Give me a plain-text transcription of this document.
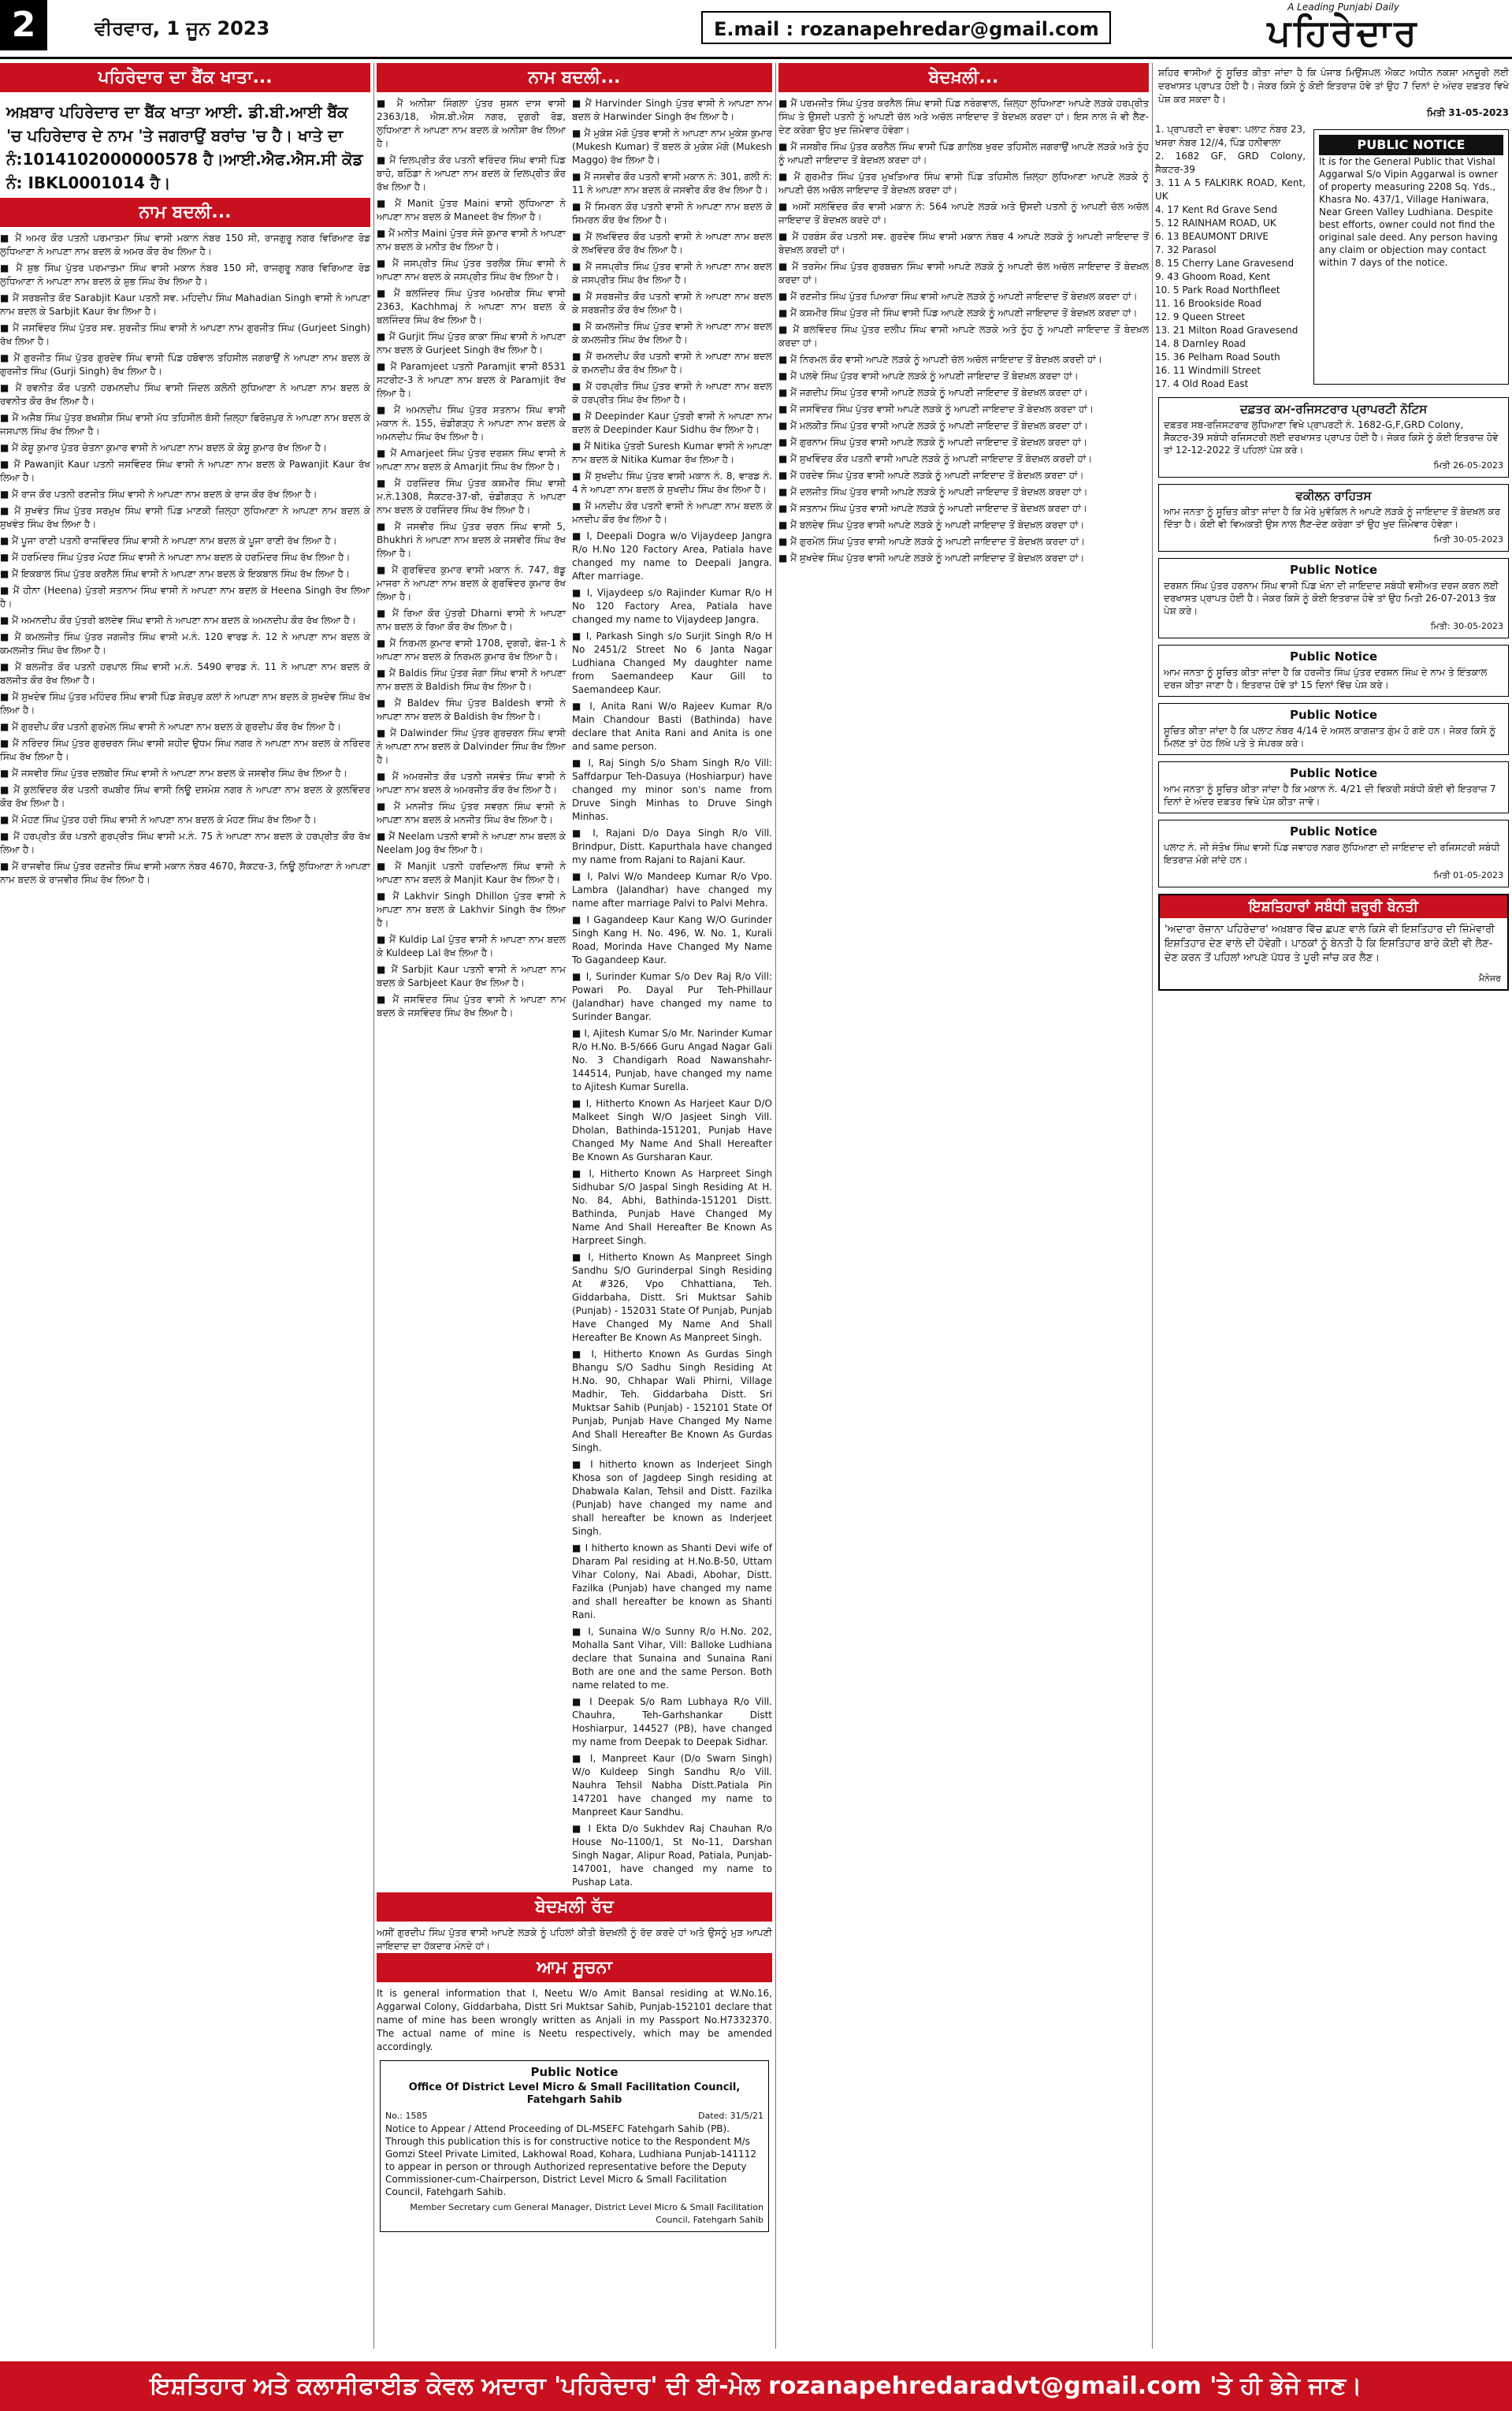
2	ਵੀਰਵਾਰ, 1 ਜੂਨ 2023	E.mail : rozanapehredar@gmail.com
A Leading Punjabi Daily
ਪਹਿਰੇਦਾਰ
ਪਹਿਰੇਦਾਰ ਦਾ ਬੈਂਕ ਖਾਤਾ...
ਅਖ਼ਬਾਰ ਪਹਿਰੇਦਾਰ ਦਾ ਬੈਂਕ ਖਾਤਾ ਆਈ. ਡੀ.ਬੀ.ਆਈ ਬੈਂਕ 'ਚ ਪਹਿਰੇਦਾਰ ਦੇ ਨਾਮ 'ਤੇ ਜਗਰਾਉਂ ਬਰਾਂਚ 'ਚ ਹੈ। ਖਾਤੇ ਦਾ ਨੰ:1014102000000578 ਹੈ।ਆਈ.ਐਫ.ਐਸ.ਸੀ ਕੋਡ ਨੰ: IBKL0001014 ਹੈ।
ਨਾਮ ਬਦਲੀ...
■ ਮੈਂ ਅਮਰ ਕੌਰ ਪਤਨੀ ਪਰਮਾਤਮਾ ਸਿੰਘ ਵਾਸੀ ਮਕਾਨ ਨੰਬਰ 150 ਸੀ, ਰਾਜਗੁਰੂ ਨਗਰ ਵਿਰਿਆਣ ਰੋਡ ਲੁਧਿਆਣਾ ਨੇ ਆਪਣਾ ਨਾਮ ਬਦਲ ਕੇ ਅਮਰ ਕੌਰ ਰੱਖ ਲਿਆ ਹੈ।
■ ਮੈਂ ਸ਼ੁਭ ਸਿੰਘ ਪੁੱਤਰ ਪਰਮਾਤਮਾ ਸਿੰਘ ਵਾਸੀ ਮਕਾਨ ਨੰਬਰ 150 ਸੀ, ਰਾਜਗੁਰੂ ਨਗਰ ਵਿਰਿਆਣ ਰੋਡ ਲੁਧਿਆਣਾ ਨੇ ਆਪਣਾ ਨਾਮ ਬਦਲ ਕੇ ਸ਼ੁਭ ਸਿੰਘ ਰੱਖ ਲਿਆ ਹੈ।
■ ਮੈਂ ਸਰਬਜੀਤ ਕੌਰ Sarabjit Kaur ਪਤਨੀ ਸਵ. ਮਹਿਦੀਪ ਸਿੰਘ Mahadian Singh ਵਾਸੀ ਨੇ ਆਪਣਾ ਨਾਮ ਬਦਲ ਕੇ Sarbjit Kaur ਰੱਖ ਲਿਆ ਹੈ।
■ ਮੈਂ ਜਸਵਿੰਦਰ ਸਿੰਘ ਪੁੱਤਰ ਸਵ. ਸੁਰਜੀਤ ਸਿੰਘ ਵਾਸੀ ਨੇ ਆਪਣਾ ਨਾਮ ਗੁਰਜੀਤ ਸਿੰਘ (Gurjeet Singh) ਰੱਖ ਲਿਆ ਹੈ।
■ ਮੈਂ ਗੁਰਜੀਤ ਸਿੰਘ ਪੁੱਤਰ ਗੁਰਦੇਵ ਸਿੰਘ ਵਾਸੀ ਪਿੰਡ ਹਬੋਵਾਲ ਤਹਿਸੀਲ ਜਗਰਾਉਂ ਨੇ ਆਪਣਾ ਨਾਮ ਬਦਲ ਕੇ ਗੁਰਜੀਤ ਸਿੰਘ (Gurji Singh) ਰੱਖ ਲਿਆ ਹੈ।
■ ਮੈਂ ਰਵਨੀਤ ਕੌਰ ਪਤਨੀ ਹਰਮਨਦੀਪ ਸਿੰਘ ਵਾਸੀ ਜਿੰਦਲ ਕਲੋਨੀ ਲੁਧਿਆਣਾ ਨੇ ਆਪਣਾ ਨਾਮ ਬਦਲ ਕੇ ਰਵਨੀਤ ਕੌਰ ਰੱਖ ਲਿਆ ਹੈ।
■ ਮੈਂ ਅਜੈਬ ਸਿੰਘ ਪੁੱਤਰ ਬਖਸ਼ੀਸ਼ ਸਿੰਘ ਵਾਸੀ ਮੱਧ ਤਹਿਸੀਲ ਬੱਸੀ ਜ਼ਿਲ੍ਹਾ ਫਿਰੋਜ਼ਪੁਰ ਨੇ ਆਪਣਾ ਨਾਮ ਬਦਲ ਕੇ ਜਸਪਾਲ ਸਿੰਘ ਰੱਖ ਲਿਆ ਹੈ।
■ ਮੈਂ ਕੇਸ਼ੂ ਕੁਮਾਰ ਪੁੱਤਰ ਚੇਤਨਾ ਕੁਮਾਰ ਵਾਸੀ ਨੇ ਆਪਣਾ ਨਾਮ ਬਦਲ ਕੇ ਕੇਸ਼ੂ ਕੁਮਾਰ ਰੱਖ ਲਿਆ ਹੈ।
■ ਮੈਂ Pawanjit Kaur ਪਤਨੀ ਜਸਵਿੰਦਰ ਸਿੰਘ ਵਾਸੀ ਨੇ ਆਪਣਾ ਨਾਮ ਬਦਲ ਕੇ Pawanjit Kaur ਰੱਖ ਲਿਆ ਹੈ।
■ ਮੈਂ ਰਾਜ ਕੌਰ ਪਤਨੀ ਰਣਜੀਤ ਸਿੰਘ ਵਾਸੀ ਨੇ ਆਪਣਾ ਨਾਮ ਬਦਲ ਕੇ ਰਾਜ ਕੌਰ ਰੱਖ ਲਿਆ ਹੈ।
■ ਮੈਂ ਸੁਖਵੰਤ ਸਿੰਘ ਪੁੱਤਰ ਸਰਮੁਖ ਸਿੰਘ ਵਾਸੀ ਪਿੰਡ ਮਾਣਕੀ ਜ਼ਿਲ੍ਹਾ ਲੁਧਿਆਣਾ ਨੇ ਆਪਣਾ ਨਾਮ ਬਦਲ ਕੇ ਸੁਖਵੰਤ ਸਿੰਘ ਰੱਖ ਲਿਆ ਹੈ।
■ ਮੈਂ ਪੂਜਾ ਰਾਣੀ ਪਤਨੀ ਰਾਜਵਿੰਦਰ ਸਿੰਘ ਵਾਸੀ ਨੇ ਆਪਣਾ ਨਾਮ ਬਦਲ ਕੇ ਪੂਜਾ ਰਾਣੀ ਰੱਖ ਲਿਆ ਹੈ।
■ ਮੈਂ ਹਰਮਿੰਦਰ ਸਿੰਘ ਪੁੱਤਰ ਮੋਹਣ ਸਿੰਘ ਵਾਸੀ ਨੇ ਆਪਣਾ ਨਾਮ ਬਦਲ ਕੇ ਹਰਮਿੰਦਰ ਸਿੰਘ ਰੱਖ ਲਿਆ ਹੈ।
■ ਮੈਂ ਇਕਬਾਲ ਸਿੰਘ ਪੁੱਤਰ ਕਰਨੈਲ ਸਿੰਘ ਵਾਸੀ ਨੇ ਆਪਣਾ ਨਾਮ ਬਦਲ ਕੇ ਇਕਬਾਲ ਸਿੰਘ ਰੱਖ ਲਿਆ ਹੈ।
■ ਮੈਂ ਹੀਨਾ (Heena) ਪੁੱਤਰੀ ਸਤਨਾਮ ਸਿੰਘ ਵਾਸੀ ਨੇ ਆਪਣਾ ਨਾਮ ਬਦਲ ਕੇ Heena Singh ਰੱਖ ਲਿਆ ਹੈ।
■ ਮੈਂ ਅਮਨਦੀਪ ਕੌਰ ਪੁੱਤਰੀ ਬਲਦੇਵ ਸਿੰਘ ਵਾਸੀ ਨੇ ਆਪਣਾ ਨਾਮ ਬਦਲ ਕੇ ਅਮਨਦੀਪ ਕੌਰ ਰੱਖ ਲਿਆ ਹੈ।
■ ਮੈਂ ਕਮਲਜੀਤ ਸਿੰਘ ਪੁੱਤਰ ਜਗਜੀਤ ਸਿੰਘ ਵਾਸੀ ਮ.ਨੰ. 120 ਵਾਰਡ ਨੰ. 12 ਨੇ ਆਪਣਾ ਨਾਮ ਬਦਲ ਕੇ ਕਮਲਜੀਤ ਸਿੰਘ ਰੱਖ ਲਿਆ ਹੈ।
■ ਮੈਂ ਬਲਜੀਤ ਕੌਰ ਪਤਨੀ ਹਰਪਾਲ ਸਿੰਘ ਵਾਸੀ ਮ.ਨੰ. 5490 ਵਾਰਡ ਨੰ. 11 ਨੇ ਆਪਣਾ ਨਾਮ ਬਦਲ ਕੇ ਬਲਜੀਤ ਕੌਰ ਰੱਖ ਲਿਆ ਹੈ।
■ ਮੈਂ ਸੁਖਦੇਵ ਸਿੰਘ ਪੁੱਤਰ ਮਹਿੰਦਰ ਸਿੰਘ ਵਾਸੀ ਪਿੰਡ ਸ਼ੇਰਪੁਰ ਕਲਾਂ ਨੇ ਆਪਣਾ ਨਾਮ ਬਦਲ ਕੇ ਸੁਖਦੇਵ ਸਿੰਘ ਰੱਖ ਲਿਆ ਹੈ।
■ ਮੈਂ ਗੁਰਦੀਪ ਕੌਰ ਪਤਨੀ ਗੁਰਮੇਲ ਸਿੰਘ ਵਾਸੀ ਨੇ ਆਪਣਾ ਨਾਮ ਬਦਲ ਕੇ ਗੁਰਦੀਪ ਕੌਰ ਰੱਖ ਲਿਆ ਹੈ।
■ ਮੈਂ ਨਰਿੰਦਰ ਸਿੰਘ ਪੁੱਤਰ ਗੁਰਚਰਨ ਸਿੰਘ ਵਾਸੀ ਸ਼ਹੀਦ ਉਧਮ ਸਿੰਘ ਨਗਰ ਨੇ ਆਪਣਾ ਨਾਮ ਬਦਲ ਕੇ ਨਰਿੰਦਰ ਸਿੰਘ ਰੱਖ ਲਿਆ ਹੈ।
■ ਮੈਂ ਜਸਵੀਰ ਸਿੰਘ ਪੁੱਤਰ ਦਲਬੀਰ ਸਿੰਘ ਵਾਸੀ ਨੇ ਆਪਣਾ ਨਾਮ ਬਦਲ ਕੇ ਜਸਵੀਰ ਸਿੰਘ ਰੱਖ ਲਿਆ ਹੈ।
■ ਮੈਂ ਕੁਲਵਿੰਦਰ ਕੌਰ ਪਤਨੀ ਰਘਬੀਰ ਸਿੰਘ ਵਾਸੀ ਨਿਊ ਦਸਮੇਸ਼ ਨਗਰ ਨੇ ਆਪਣਾ ਨਾਮ ਬਦਲ ਕੇ ਕੁਲਵਿੰਦਰ ਕੌਰ ਰੱਖ ਲਿਆ ਹੈ।
■ ਮੈਂ ਮੋਹਣ ਸਿੰਘ ਪੁੱਤਰ ਹਰੀ ਸਿੰਘ ਵਾਸੀ ਨੇ ਆਪਣਾ ਨਾਮ ਬਦਲ ਕੇ ਮੋਹਣ ਸਿੰਘ ਰੱਖ ਲਿਆ ਹੈ।
■ ਮੈਂ ਹਰਪ੍ਰੀਤ ਕੌਰ ਪਤਨੀ ਗੁਰਪ੍ਰੀਤ ਸਿੰਘ ਵਾਸੀ ਮ.ਨੰ. 75 ਨੇ ਆਪਣਾ ਨਾਮ ਬਦਲ ਕੇ ਹਰਪ੍ਰੀਤ ਕੌਰ ਰੱਖ ਲਿਆ ਹੈ।
■ ਮੈਂ ਰਾਜਵੀਰ ਸਿੰਘ ਪੁੱਤਰ ਰਣਜੀਤ ਸਿੰਘ ਵਾਸੀ ਮਕਾਨ ਨੰਬਰ 4670, ਸੈਕਟਰ-3, ਨਿਊ ਲੁਧਿਆਣਾ ਨੇ ਆਪਣਾ ਨਾਮ ਬਦਲ ਕੇ ਰਾਜਵੀਰ ਸਿੰਘ ਰੱਖ ਲਿਆ ਹੈ।
ਨਾਮ ਬਦਲੀ...
■ ਮੈਂ ਅਨੀਸ਼ਾ ਸਿੰਗਲਾ ਪੁੱਤਰ ਸੁਸ਼ਨ ਦਾਸ ਵਾਸੀ 2363/18, ਐਸ.ਬੀ.ਐਸ ਨਗਰ, ਦੁਗਰੀ ਰੋਡ, ਲੁਧਿਆਣਾ ਨੇ ਆਪਣਾ ਨਾਮ ਬਦਲ ਕੇ ਅਨੀਸ਼ਾ ਰੱਖ ਲਿਆ ਹੈ।
■ ਮੈਂ ਦਿਲਪ੍ਰੀਤ ਕੌਰ ਪਤਨੀ ਵਰਿੰਦਰ ਸਿੰਘ ਵਾਸੀ ਪਿੰਡ ਬਾਹੋ, ਬਠਿੰਡਾ ਨੇ ਆਪਣਾ ਨਾਮ ਬਦਲ ਕੇ ਦਿਲਪ੍ਰੀਤ ਕੌਰ ਰੱਖ ਲਿਆ ਹੈ।
■ ਮੈਂ Manit ਪੁੱਤਰ Maini ਵਾਸੀ ਲੁਧਿਆਣਾ ਨੇ ਆਪਣਾ ਨਾਮ ਬਦਲ ਕੇ Maneet ਰੱਖ ਲਿਆ ਹੈ।
■ ਮੈਂ ਮਨੀਤ Maini ਪੁੱਤਰ ਸੰਜੇ ਕੁਮਾਰ ਵਾਸੀ ਨੇ ਆਪਣਾ ਨਾਮ ਬਦਲ ਕੇ ਮਨੀਤ ਰੱਖ ਲਿਆ ਹੈ।
■ ਮੈਂ ਜਸਪ੍ਰੀਤ ਸਿੰਘ ਪੁੱਤਰ ਤਰਲੋਕ ਸਿੰਘ ਵਾਸੀ ਨੇ ਆਪਣਾ ਨਾਮ ਬਦਲ ਕੇ ਜਸਪ੍ਰੀਤ ਸਿੰਘ ਰੱਖ ਲਿਆ ਹੈ।
■ ਮੈਂ ਬਲਜਿੰਦਰ ਸਿੰਘ ਪੁੱਤਰ ਅਮਰੀਕ ਸਿੰਘ ਵਾਸੀ 2363, Kachhmaj ਨੇ ਆਪਣਾ ਨਾਮ ਬਦਲ ਕੇ ਬਲਜਿੰਦਰ ਸਿੰਘ ਰੱਖ ਲਿਆ ਹੈ।
■ ਮੈਂ Gurjit ਸਿੰਘ ਪੁੱਤਰ ਕਾਕਾ ਸਿੰਘ ਵਾਸੀ ਨੇ ਆਪਣਾ ਨਾਮ ਬਦਲ ਕੇ Gurjeet Singh ਰੱਖ ਲਿਆ ਹੈ।
■ ਮੈਂ Paramjeet ਪਤਨੀ Paramjit ਵਾਸੀ 8531 ਸਟਰੀਟ-3 ਨੇ ਆਪਣਾ ਨਾਮ ਬਦਲ ਕੇ Paramjit ਰੱਖ ਲਿਆ ਹੈ।
■ ਮੈਂ ਅਮਨਦੀਪ ਸਿੰਘ ਪੁੱਤਰ ਸਤਨਾਮ ਸਿੰਘ ਵਾਸੀ ਮਕਾਨ ਨੰ. 155, ਚੰਡੀਗੜ੍ਹ ਨੇ ਆਪਣਾ ਨਾਮ ਬਦਲ ਕੇ ਅਮਨਦੀਪ ਸਿੰਘ ਰੱਖ ਲਿਆ ਹੈ।
■ ਮੈਂ Amarjeet ਸਿੰਘ ਪੁੱਤਰ ਦਰਸ਼ਨ ਸਿੰਘ ਵਾਸੀ ਨੇ ਆਪਣਾ ਨਾਮ ਬਦਲ ਕੇ Amarjit ਸਿੰਘ ਰੱਖ ਲਿਆ ਹੈ।
■ ਮੈਂ ਹਰਜਿੰਦਰ ਸਿੰਘ ਪੁੱਤਰ ਕਸ਼ਮੀਰ ਸਿੰਘ ਵਾਸੀ ਮ.ਨੰ.1308, ਸੈਕਟਰ-37-ਬੀ, ਚੰਡੀਗੜ੍ਹ ਨੇ ਆਪਣਾ ਨਾਮ ਬਦਲ ਕੇ ਹਰਜਿੰਦਰ ਸਿੰਘ ਰੱਖ ਲਿਆ ਹੈ।
■ ਮੈਂ ਜਸਵੀਰ ਸਿੰਘ ਪੁੱਤਰ ਚਰਨ ਸਿੰਘ ਵਾਸੀ 5, Bhukhri ਨੇ ਆਪਣਾ ਨਾਮ ਬਦਲ ਕੇ ਜਸਵੀਰ ਸਿੰਘ ਰੱਖ ਲਿਆ ਹੈ।
■ ਮੈਂ ਗੁਰਵਿੰਦਰ ਕੁਮਾਰ ਵਾਸੀ ਮਕਾਨ ਨੰ. 747, ਬੱਡੂ ਮਾਜਰਾ ਨੇ ਆਪਣਾ ਨਾਮ ਬਦਲ ਕੇ ਗੁਰਵਿੰਦਰ ਕੁਮਾਰ ਰੱਖ ਲਿਆ ਹੈ।
■ ਮੈਂ ਰਿਆ ਕੌਰ ਪੁੱਤਰੀ Dharni ਵਾਸੀ ਨੇ ਆਪਣਾ ਨਾਮ ਬਦਲ ਕੇ ਰਿਆ ਕੌਰ ਰੱਖ ਲਿਆ ਹੈ।
■ ਮੈਂ ਨਿਰਮਲ ਕੁਮਾਰ ਵਾਸੀ 1708, ਦੁਗਰੀ, ਫੇਜ਼-1 ਨੇ ਆਪਣਾ ਨਾਮ ਬਦਲ ਕੇ ਨਿਰਮਲ ਕੁਮਾਰ ਰੱਖ ਲਿਆ ਹੈ।
■ ਮੈਂ Baldis ਸਿੰਘ ਪੁੱਤਰ ਜੋਗਾ ਸਿੰਘ ਵਾਸੀ ਨੇ ਆਪਣਾ ਨਾਮ ਬਦਲ ਕੇ Baldish ਸਿੰਘ ਰੱਖ ਲਿਆ ਹੈ।
■ ਮੈਂ Baldev ਸਿੰਘ ਪੁੱਤਰ Baldesh ਵਾਸੀ ਨੇ ਆਪਣਾ ਨਾਮ ਬਦਲ ਕੇ Baldish ਰੱਖ ਲਿਆ ਹੈ।
■ ਮੈਂ Dalwinder ਸਿੰਘ ਪੁੱਤਰ ਗੁਰਚਰਨ ਸਿੰਘ ਵਾਸੀ ਨੇ ਆਪਣਾ ਨਾਮ ਬਦਲ ਕੇ Dalvinder ਸਿੰਘ ਰੱਖ ਲਿਆ ਹੈ।
■ ਮੈਂ ਅਮਰਜੀਤ ਕੌਰ ਪਤਨੀ ਜਸਵੰਤ ਸਿੰਘ ਵਾਸੀ ਨੇ ਆਪਣਾ ਨਾਮ ਬਦਲ ਕੇ ਅਮਰਜੀਤ ਕੌਰ ਰੱਖ ਲਿਆ ਹੈ।
■ ਮੈਂ ਮਨਜੀਤ ਸਿੰਘ ਪੁੱਤਰ ਸਵਰਨ ਸਿੰਘ ਵਾਸੀ ਨੇ ਆਪਣਾ ਨਾਮ ਬਦਲ ਕੇ ਮਨਜੀਤ ਸਿੰਘ ਰੱਖ ਲਿਆ ਹੈ।
■ ਮੈਂ Neelam ਪਤਨੀ ਵਾਸੀ ਨੇ ਆਪਣਾ ਨਾਮ ਬਦਲ ਕੇ Neelam Jog ਰੱਖ ਲਿਆ ਹੈ।
■ ਮੈਂ Manjit ਪਤਨੀ ਹਰਦਿਆਲ ਸਿੰਘ ਵਾਸੀ ਨੇ ਆਪਣਾ ਨਾਮ ਬਦਲ ਕੇ Manjit Kaur ਰੱਖ ਲਿਆ ਹੈ।
■ ਮੈਂ Lakhvir Singh Dhillon ਪੁੱਤਰ ਵਾਸੀ ਨੇ ਆਪਣਾ ਨਾਮ ਬਦਲ ਕੇ Lakhvir Singh ਰੱਖ ਲਿਆ ਹੈ।
■ ਮੈਂ Kuldip Lal ਪੁੱਤਰ ਵਾਸੀ ਨੇ ਆਪਣਾ ਨਾਮ ਬਦਲ ਕੇ Kuldeep Lal ਰੱਖ ਲਿਆ ਹੈ।
■ ਮੈਂ Sarbjit Kaur ਪਤਨੀ ਵਾਸੀ ਨੇ ਆਪਣਾ ਨਾਮ ਬਦਲ ਕੇ Sarbjeet Kaur ਰੱਖ ਲਿਆ ਹੈ।
■ ਮੈਂ ਜਸਵਿੰਦਰ ਸਿੰਘ ਪੁੱਤਰ ਵਾਸੀ ਨੇ ਆਪਣਾ ਨਾਮ ਬਦਲ ਕੇ ਜਸਵਿੰਦਰ ਸਿੰਘ ਰੱਖ ਲਿਆ ਹੈ।
■ ਮੈਂ Harvinder Singh ਪੁੱਤਰ ਵਾਸੀ ਨੇ ਆਪਣਾ ਨਾਮ ਬਦਲ ਕੇ Harwinder Singh ਰੱਖ ਲਿਆ ਹੈ।
■ ਮੈਂ ਮੁਕੇਸ਼ ਮੱਗੋ ਪੁੱਤਰ ਵਾਸੀ ਨੇ ਆਪਣਾ ਨਾਮ ਮੁਕੇਸ਼ ਕੁਮਾਰ (Mukesh Kumar) ਤੋਂ ਬਦਲ ਕੇ ਮੁਕੇਸ਼ ਮੱਗੋ (Mukesh Maggo) ਰੱਖ ਲਿਆ ਹੈ।
■ ਮੈਂ ਜਸਵੀਰ ਕੌਰ ਪਤਨੀ ਵਾਸੀ ਮਕਾਨ ਨੰ: 301, ਗਲੀ ਨੰ: 11 ਨੇ ਆਪਣਾ ਨਾਮ ਬਦਲ ਕੇ ਜਸਵੀਰ ਕੌਰ ਰੱਖ ਲਿਆ ਹੈ।
■ ਮੈਂ ਸਿਮਰਨ ਕੌਰ ਪਤਨੀ ਵਾਸੀ ਨੇ ਆਪਣਾ ਨਾਮ ਬਦਲ ਕੇ ਸਿਮਰਨ ਕੌਰ ਰੱਖ ਲਿਆ ਹੈ।
■ ਮੈਂ ਲਖਵਿੰਦਰ ਕੌਰ ਪਤਨੀ ਵਾਸੀ ਨੇ ਆਪਣਾ ਨਾਮ ਬਦਲ ਕੇ ਲਖਵਿੰਦਰ ਕੌਰ ਰੱਖ ਲਿਆ ਹੈ।
■ ਮੈਂ ਜਸਪ੍ਰੀਤ ਸਿੰਘ ਪੁੱਤਰ ਵਾਸੀ ਨੇ ਆਪਣਾ ਨਾਮ ਬਦਲ ਕੇ ਜਸਪ੍ਰੀਤ ਸਿੰਘ ਰੱਖ ਲਿਆ ਹੈ।
■ ਮੈਂ ਸਰਬਜੀਤ ਕੌਰ ਪਤਨੀ ਵਾਸੀ ਨੇ ਆਪਣਾ ਨਾਮ ਬਦਲ ਕੇ ਸਰਬਜੀਤ ਕੌਰ ਰੱਖ ਲਿਆ ਹੈ।
■ ਮੈਂ ਕਮਲਜੀਤ ਸਿੰਘ ਪੁੱਤਰ ਵਾਸੀ ਨੇ ਆਪਣਾ ਨਾਮ ਬਦਲ ਕੇ ਕਮਲਜੀਤ ਸਿੰਘ ਰੱਖ ਲਿਆ ਹੈ।
■ ਮੈਂ ਰਮਨਦੀਪ ਕੌਰ ਪਤਨੀ ਵਾਸੀ ਨੇ ਆਪਣਾ ਨਾਮ ਬਦਲ ਕੇ ਰਮਨਦੀਪ ਕੌਰ ਰੱਖ ਲਿਆ ਹੈ।
■ ਮੈਂ ਹਰਪ੍ਰੀਤ ਸਿੰਘ ਪੁੱਤਰ ਵਾਸੀ ਨੇ ਆਪਣਾ ਨਾਮ ਬਦਲ ਕੇ ਹਰਪ੍ਰੀਤ ਸਿੰਘ ਰੱਖ ਲਿਆ ਹੈ।
■ ਮੈਂ Deepinder Kaur ਪੁੱਤਰੀ ਵਾਸੀ ਨੇ ਆਪਣਾ ਨਾਮ ਬਦਲ ਕੇ Deepinder Kaur Sidhu ਰੱਖ ਲਿਆ ਹੈ।
■ ਮੈਂ Nitika ਪੁੱਤਰੀ Suresh Kumar ਵਾਸੀ ਨੇ ਆਪਣਾ ਨਾਮ ਬਦਲ ਕੇ Nitika Kumar ਰੱਖ ਲਿਆ ਹੈ।
■ ਮੈਂ ਸੁਖਦੀਪ ਸਿੰਘ ਪੁੱਤਰ ਵਾਸੀ ਮਕਾਨ ਨੰ. 8, ਵਾਰਡ ਨੰ. 4 ਨੇ ਆਪਣਾ ਨਾਮ ਬਦਲ ਕੇ ਸੁਖਦੀਪ ਸਿੰਘ ਰੱਖ ਲਿਆ ਹੈ।
■ ਮੈਂ ਮਨਦੀਪ ਕੌਰ ਪਤਨੀ ਵਾਸੀ ਨੇ ਆਪਣਾ ਨਾਮ ਬਦਲ ਕੇ ਮਨਦੀਪ ਕੌਰ ਰੱਖ ਲਿਆ ਹੈ।
■ I, Deepali Dogra w/o Vijaydeep Jangra R/o H.No 120 Factory Area, Patiala have changed my name to Deepali Jangra. After marriage.
■ I, Vijaydeep s/o Rajinder Kumar R/o H No 120 Factory Area, Patiala have changed my name to Vijaydeep Jangra.
■ I, Parkash Singh s/o Surjit Singh R/o H No 2451/2 Street No 6 Janta Nagar Ludhiana Changed My daughter name from Saemandeep Kaur Gill to Saemandeep Kaur.
■ I, Anita Rani W/o Rajeev Kumar R/o Main Chandour Basti (Bathinda) have declare that Anita Rani and Anita is one and same person.
■ I, Raj Singh S/o Sham Singh R/o Vill: Saffdarpur Teh-Dasuya (Hoshiarpur) have changed my minor son's name from Druve Singh Minhas to Druve Singh Minhas.
■ I, Rajani D/o Daya Singh R/o Vill. Brindpur, Distt. Kapurthala have changed my name from Rajani to Rajani Kaur.
■ I, Palvi W/o Mandeep Kumar R/o Vpo. Lambra (Jalandhar) have changed my name after marriage Palvi to Palvi Mehra.
■ I Gagandeep Kaur Kang W/O Gurinder Singh Kang H. No. 496, W. No. 1, Kurali Road, Morinda Have Changed My Name To Gagandeep Kaur.
■ I, Surinder Kumar S/o Dev Raj R/o Vill: Powari Po. Dayal Pur Teh-Phillaur (Jalandhar) have changed my name to Surinder Bangar.
■ I, Ajitesh Kumar S/o Mr. Narinder Kumar R/o H.No. B-5/666 Guru Angad Nagar Gali No. 3 Chandigarh Road Nawanshahr-144514, Punjab, have changed my name to Ajitesh Kumar Surella.
■ I, Hitherto Known As Harjeet Kaur D/O Malkeet Singh W/O Jasjeet Singh Vill. Dholan, Bathinda-151201, Punjab Have Changed My Name And Shall Hereafter Be Known As Gursharan Kaur.
■ I, Hitherto Known As Harpreet Singh Sidhubar S/O Jaspal Singh Residing At H. No. 84, Abhi, Bathinda-151201 Distt. Bathinda, Punjab Have Changed My Name And Shall Hereafter Be Known As Harpreet Singh.
■ I, Hitherto Known As Manpreet Singh Sandhu S/O Gurinderpal Singh Residing At #326, Vpo Chhattiana, Teh. Giddarbaha, Distt. Sri Muktsar Sahib (Punjab) - 152031 State Of Punjab, Punjab Have Changed My Name And Shall Hereafter Be Known As Manpreet Singh.
■ I, Hitherto Known As Gurdas Singh Bhangu S/O Sadhu Singh Residing At H.No. 90, Chhapar Wali Phirni, Village Madhir, Teh. Giddarbaha Distt. Sri Muktsar Sahib (Punjab) - 152101 State Of Punjab, Punjab Have Changed My Name And Shall Hereafter Be Known As Gurdas Singh.
■ I hitherto known as Inderjeet Singh Khosa son of Jagdeep Singh residing at Dhabwala Kalan, Tehsil and Distt. Fazilka (Punjab) have changed my name and shall hereafter be known as Inderjeet Singh.
■ I hitherto known as Shanti Devi wife of Dharam Pal residing at H.No.B-50, Uttam Vihar Colony, Nai Abadi, Abohar, Distt. Fazilka (Punjab) have changed my name and shall hereafter be known as Shanti Rani.
■ I, Sunaina W/o Sunny R/o H.No. 202, Mohalla Sant Vihar, Vill: Balloke Ludhiana declare that Sunaina and Sunaina Rani Both are one and the same Person. Both name related to me.
■ I Deepak S/o Ram Lubhaya R/o Vill. Chauhra, Teh-Garhshankar Distt Hoshiarpur, 144527 (PB), have changed my name from Deepak to Deepak Sidhar.
■ I, Manpreet Kaur (D/o Swarn Singh) W/o Kuldeep Singh Sandhu R/o Vill. Nauhra Tehsil Nabha Distt.Patiala Pin 147201 have changed my name to Manpreet Kaur Sandhu.
■ I Ekta D/o Sukhdev Raj Chauhan R/o House No-1100/1, St No-11, Darshan Singh Nagar, Alipur Road, Patiala, Punjab-147001, have changed my name to Pushap Lata.
ਬੇਦਖ਼ਲੀ ਰੱਦ
ਅਸੀਂ ਗੁਰਦੀਪ ਸਿੰਘ ਪੁੱਤਰ ਵਾਸੀ ਆਪਣੇ ਲੜਕੇ ਨੂੰ ਪਹਿਲਾਂ ਕੀਤੀ ਬੇਦਖ਼ਲੀ ਨੂੰ ਰੱਦ ਕਰਦੇ ਹਾਂ ਅਤੇ ਉਸਨੂੰ ਮੁੜ ਆਪਣੀ ਜਾਇਦਾਦ ਦਾ ਹੱਕਦਾਰ ਮੰਨਦੇ ਹਾਂ।
ਆਮ ਸੂਚਨਾ
It is general information that I, Neetu W/o Amit Bansal residing at W.No.16, Aggarwal Colony, Giddarbaha, Distt Sri Muktsar Sahib, Punjab-152101 declare that name of mine has been wrongly written as Anjali in my Passport No.H7332370. The actual name of mine is Neetu respectively, which may be amended accordingly.
Public Notice
Office Of District Level Micro & Small Facilitation Council, Fatehgarh Sahib
No.: 1585	Dated: 31/5/21
Notice to Appear / Attend Proceeding of DL-MSEFC Fatehgarh Sahib (PB). Through this publication this is for constructive notice to the Respondent M/s Gomzi Steel Private Limited, Lakhowal Road, Kohara, Ludhiana Punjab-141112 to appear in person or through Authorized representative before the Deputy Commissioner-cum-Chairperson, District Level Micro & Small Facilitation Council, Fatehgarh Sahib.
Member Secretary cum General Manager, District Level Micro & Small Facilitation Council, Fatehgarh Sahib
ਬੇਦਖ਼ਲੀ...
■ ਮੈਂ ਪਰਮਜੀਤ ਸਿੰਘ ਪੁੱਤਰ ਕਰਨੈਲ ਸਿੰਘ ਵਾਸੀ ਪਿੰਡ ਨਰੰਗਵਾਲ, ਜ਼ਿਲ੍ਹਾ ਲੁਧਿਆਣਾ ਆਪਣੇ ਲੜਕੇ ਹਰਪ੍ਰੀਤ ਸਿੰਘ ਤੇ ਉਸਦੀ ਪਤਨੀ ਨੂੰ ਆਪਣੀ ਚੱਲ ਅਤੇ ਅਚੱਲ ਜਾਇਦਾਦ ਤੋਂ ਬੇਦਖ਼ਲ ਕਰਦਾ ਹਾਂ। ਇਸ ਨਾਲ ਜੋ ਵੀ ਲੈਣ-ਦੇਣ ਕਰੇਗਾ ਉਹ ਖੁਦ ਜ਼ਿੰਮੇਵਾਰ ਹੋਵੇਗਾ।
■ ਮੈਂ ਜਸਬੀਰ ਸਿੰਘ ਪੁੱਤਰ ਕਰਨੈਲ ਸਿੰਘ ਵਾਸੀ ਪਿੰਡ ਗਾਲਿਬ ਖੁਰਦ ਤਹਿਸੀਲ ਜਗਰਾਉਂ ਆਪਣੇ ਲੜਕੇ ਅਤੇ ਨੂੰਹ ਨੂੰ ਆਪਣੀ ਜਾਇਦਾਦ ਤੋਂ ਬੇਦਖ਼ਲ ਕਰਦਾ ਹਾਂ।
■ ਮੈਂ ਗੁਰਮੀਤ ਸਿੰਘ ਪੁੱਤਰ ਮੁਖਤਿਆਰ ਸਿੰਘ ਵਾਸੀ ਪਿੰਡ ਤਹਿਸੀਲ ਜ਼ਿਲ੍ਹਾ ਲੁਧਿਆਣਾ ਆਪਣੇ ਲੜਕੇ ਨੂੰ ਆਪਣੀ ਚੱਲ ਅਚੱਲ ਜਾਇਦਾਦ ਤੋਂ ਬੇਦਖ਼ਲ ਕਰਦਾ ਹਾਂ।
■ ਅਸੀਂ ਸਲਵਿੰਦਰ ਕੌਰ ਵਾਸੀ ਮਕਾਨ ਨੰ: 564 ਆਪਣੇ ਲੜਕੇ ਅਤੇ ਉਸਦੀ ਪਤਨੀ ਨੂੰ ਆਪਣੀ ਚੱਲ ਅਚੱਲ ਜਾਇਦਾਦ ਤੋਂ ਬੇਦਖ਼ਲ ਕਰਦੇ ਹਾਂ।
■ ਮੈਂ ਹਰਬੰਸ ਕੌਰ ਪਤਨੀ ਸਵ. ਗੁਰਦੇਵ ਸਿੰਘ ਵਾਸੀ ਮਕਾਨ ਨੰਬਰ 4 ਆਪਣੇ ਲੜਕੇ ਨੂੰ ਆਪਣੀ ਜਾਇਦਾਦ ਤੋਂ ਬੇਦਖ਼ਲ ਕਰਦੀ ਹਾਂ।
■ ਮੈਂ ਤਰਸੇਮ ਸਿੰਘ ਪੁੱਤਰ ਗੁਰਬਚਨ ਸਿੰਘ ਵਾਸੀ ਆਪਣੇ ਲੜਕੇ ਨੂੰ ਆਪਣੀ ਚੱਲ ਅਚੱਲ ਜਾਇਦਾਦ ਤੋਂ ਬੇਦਖ਼ਲ ਕਰਦਾ ਹਾਂ।
■ ਮੈਂ ਰਣਜੀਤ ਸਿੰਘ ਪੁੱਤਰ ਪਿਆਰਾ ਸਿੰਘ ਵਾਸੀ ਆਪਣੇ ਲੜਕੇ ਨੂੰ ਆਪਣੀ ਜਾਇਦਾਦ ਤੋਂ ਬੇਦਖ਼ਲ ਕਰਦਾ ਹਾਂ।
■ ਮੈਂ ਕਸ਼ਮੀਰ ਸਿੰਘ ਪੁੱਤਰ ਜੀ ਸਿੰਘ ਵਾਸੀ ਪਿੰਡ ਆਪਣੇ ਲੜਕੇ ਨੂੰ ਆਪਣੀ ਜਾਇਦਾਦ ਤੋਂ ਬੇਦਖ਼ਲ ਕਰਦਾ ਹਾਂ।
■ ਮੈਂ ਬਲਵਿੰਦਰ ਸਿੰਘ ਪੁੱਤਰ ਦਲੀਪ ਸਿੰਘ ਵਾਸੀ ਆਪਣੇ ਲੜਕੇ ਅਤੇ ਨੂੰਹ ਨੂੰ ਆਪਣੀ ਜਾਇਦਾਦ ਤੋਂ ਬੇਦਖ਼ਲ ਕਰਦਾ ਹਾਂ।
■ ਮੈਂ ਨਿਰਮਲ ਕੌਰ ਵਾਸੀ ਆਪਣੇ ਲੜਕੇ ਨੂੰ ਆਪਣੀ ਚੱਲ ਅਚੱਲ ਜਾਇਦਾਦ ਤੋਂ ਬੇਦਖ਼ਲ ਕਰਦੀ ਹਾਂ।
■ ਮੈਂ ਪਲਵੇ ਸਿੰਘ ਪੁੱਤਰ ਵਾਸੀ ਆਪਣੇ ਲੜਕੇ ਨੂੰ ਆਪਣੀ ਜਾਇਦਾਦ ਤੋਂ ਬੇਦਖ਼ਲ ਕਰਦਾ ਹਾਂ।
■ ਮੈਂ ਜਗਦੀਪ ਸਿੰਘ ਪੁੱਤਰ ਵਾਸੀ ਆਪਣੇ ਲੜਕੇ ਨੂੰ ਆਪਣੀ ਜਾਇਦਾਦ ਤੋਂ ਬੇਦਖ਼ਲ ਕਰਦਾ ਹਾਂ।
■ ਮੈਂ ਜਸਵਿੰਦਰ ਸਿੰਘ ਪੁੱਤਰ ਵਾਸੀ ਆਪਣੇ ਲੜਕੇ ਨੂੰ ਆਪਣੀ ਜਾਇਦਾਦ ਤੋਂ ਬੇਦਖ਼ਲ ਕਰਦਾ ਹਾਂ।
■ ਮੈਂ ਮਲਕੀਤ ਸਿੰਘ ਪੁੱਤਰ ਵਾਸੀ ਆਪਣੇ ਲੜਕੇ ਨੂੰ ਆਪਣੀ ਜਾਇਦਾਦ ਤੋਂ ਬੇਦਖ਼ਲ ਕਰਦਾ ਹਾਂ।
■ ਮੈਂ ਗੁਰਨਾਮ ਸਿੰਘ ਪੁੱਤਰ ਵਾਸੀ ਆਪਣੇ ਲੜਕੇ ਨੂੰ ਆਪਣੀ ਜਾਇਦਾਦ ਤੋਂ ਬੇਦਖ਼ਲ ਕਰਦਾ ਹਾਂ।
■ ਮੈਂ ਸੁਖਵਿੰਦਰ ਕੌਰ ਪਤਨੀ ਵਾਸੀ ਆਪਣੇ ਲੜਕੇ ਨੂੰ ਆਪਣੀ ਜਾਇਦਾਦ ਤੋਂ ਬੇਦਖ਼ਲ ਕਰਦੀ ਹਾਂ।
■ ਮੈਂ ਹਰਦੇਵ ਸਿੰਘ ਪੁੱਤਰ ਵਾਸੀ ਆਪਣੇ ਲੜਕੇ ਨੂੰ ਆਪਣੀ ਜਾਇਦਾਦ ਤੋਂ ਬੇਦਖ਼ਲ ਕਰਦਾ ਹਾਂ।
■ ਮੈਂ ਦਲਜੀਤ ਸਿੰਘ ਪੁੱਤਰ ਵਾਸੀ ਆਪਣੇ ਲੜਕੇ ਨੂੰ ਆਪਣੀ ਜਾਇਦਾਦ ਤੋਂ ਬੇਦਖ਼ਲ ਕਰਦਾ ਹਾਂ।
■ ਮੈਂ ਸਤਨਾਮ ਸਿੰਘ ਪੁੱਤਰ ਵਾਸੀ ਆਪਣੇ ਲੜਕੇ ਨੂੰ ਆਪਣੀ ਜਾਇਦਾਦ ਤੋਂ ਬੇਦਖ਼ਲ ਕਰਦਾ ਹਾਂ।
■ ਮੈਂ ਬਲਦੇਵ ਸਿੰਘ ਪੁੱਤਰ ਵਾਸੀ ਆਪਣੇ ਲੜਕੇ ਨੂੰ ਆਪਣੀ ਜਾਇਦਾਦ ਤੋਂ ਬੇਦਖ਼ਲ ਕਰਦਾ ਹਾਂ।
■ ਮੈਂ ਗੁਰਮੇਲ ਸਿੰਘ ਪੁੱਤਰ ਵਾਸੀ ਆਪਣੇ ਲੜਕੇ ਨੂੰ ਆਪਣੀ ਜਾਇਦਾਦ ਤੋਂ ਬੇਦਖ਼ਲ ਕਰਦਾ ਹਾਂ।
■ ਮੈਂ ਸੁਖਦੇਵ ਸਿੰਘ ਪੁੱਤਰ ਵਾਸੀ ਆਪਣੇ ਲੜਕੇ ਨੂੰ ਆਪਣੀ ਜਾਇਦਾਦ ਤੋਂ ਬੇਦਖ਼ਲ ਕਰਦਾ ਹਾਂ।
ਸ਼ਹਿਰ ਵਾਸੀਆਂ ਨੂੰ ਸੂਚਿਤ ਕੀਤਾ ਜਾਂਦਾ ਹੈ ਕਿ ਪੰਜਾਬ ਮਿਉਂਸਪਲ ਐਕਟ ਅਧੀਨ ਨਕਸ਼ਾ ਮਨਜ਼ੂਰੀ ਲਈ ਦਰਖਾਸਤ ਪ੍ਰਾਪਤ ਹੋਈ ਹੈ। ਜੇਕਰ ਕਿਸੇ ਨੂੰ ਕੋਈ ਇਤਰਾਜ਼ ਹੋਵੇ ਤਾਂ ਉਹ 7 ਦਿਨਾਂ ਦੇ ਅੰਦਰ ਦਫ਼ਤਰ ਵਿਖੇ ਪੇਸ਼ ਕਰ ਸਕਦਾ ਹੈ।
ਮਿਤੀ 31-05-2023
1. ਪ੍ਰਾਪਰਟੀ ਦਾ ਵੇਰਵਾ: ਪਲਾਟ ਨੰਬਰ 23, ਖਸਰਾ ਨੰਬਰ 12//4, ਪਿੰਡ ਹਨੀਵਾਲਾ
2. 1682 GF, GRD Colony, ਸੈਕਟਰ-39
3. 11 A 5 FALKIRK ROAD, Kent, UK
4. 17 Kent Rd Grave Send
5. 12 RAINHAM ROAD, UK
6. 13 BEAUMONT DRIVE
7. 32 Parasol
8. 15 Cherry Lane Gravesend
9. 43 Ghoom Road, Kent
10. 5 Park Road Northfleet
11. 16 Brookside Road
12. 9 Queen Street
13. 21 Milton Road Gravesend
14. 8 Darnley Road
15. 36 Pelham Road South
16. 11 Windmill Street
17. 4 Old Road East
PUBLIC NOTICE
It is for the General Public that Vishal Aggarwal S/o Vipin Aggarwal is owner of property measuring 2208 Sq. Yds., Khasra No. 437/1, Village Haniwara, Near Green Valley Ludhiana. Despite best efforts, owner could not find the original sale deed. Any person having any claim or objection may contact within 7 days of the notice.
ਦਫ਼ਤਰ ਕਮ-ਰਜਿਸਟਰਾਰ ਪ੍ਰਾਪਰਟੀ ਨੋਟਿਸ
ਦਫ਼ਤਰ ਸਬ-ਰਜਿਸਟਰਾਰ ਲੁਧਿਆਣਾ ਵਿਖੇ ਪ੍ਰਾਪਰਟੀ ਨੰ. 1682-G,F,GRD Colony, ਸੈਕਟਰ-39 ਸਬੰਧੀ ਰਜਿਸਟਰੀ ਲਈ ਦਰਖਾਸਤ ਪ੍ਰਾਪਤ ਹੋਈ ਹੈ। ਜੇਕਰ ਕਿਸੇ ਨੂੰ ਕੋਈ ਇਤਰਾਜ਼ ਹੋਵੇ ਤਾਂ 12-12-2022 ਤੋਂ ਪਹਿਲਾਂ ਪੇਸ਼ ਕਰੇ।
ਮਿਤੀ 26-05-2023
ਵਕੀਲਨ ਰਾਹਿਤਸ
ਆਮ ਜਨਤਾ ਨੂੰ ਸੂਚਿਤ ਕੀਤਾ ਜਾਂਦਾ ਹੈ ਕਿ ਮੇਰੇ ਮੁਵੱਕਿਲ ਨੇ ਆਪਣੇ ਲੜਕੇ ਨੂੰ ਜਾਇਦਾਦ ਤੋਂ ਬੇਦਖ਼ਲ ਕਰ ਦਿੱਤਾ ਹੈ। ਕੋਈ ਵੀ ਵਿਅਕਤੀ ਉਸ ਨਾਲ ਲੈਣ-ਦੇਣ ਕਰੇਗਾ ਤਾਂ ਉਹ ਖੁਦ ਜ਼ਿੰਮੇਵਾਰ ਹੋਵੇਗਾ।
ਮਿਤੀ 30-05-2023
Public Notice
ਦਰਸ਼ਨ ਸਿੰਘ ਪੁੱਤਰ ਹਰਨਾਮ ਸਿੰਘ ਵਾਸੀ ਪਿੰਡ ਖੰਨਾ ਦੀ ਜਾਇਦਾਦ ਸਬੰਧੀ ਵਸੀਅਤ ਦਰਜ ਕਰਨ ਲਈ ਦਰਖਾਸਤ ਪ੍ਰਾਪਤ ਹੋਈ ਹੈ। ਜੇਕਰ ਕਿਸੇ ਨੂੰ ਕੋਈ ਇਤਰਾਜ਼ ਹੋਵੇ ਤਾਂ ਉਹ ਮਿਤੀ 26-07-2013 ਤੱਕ ਪੇਸ਼ ਕਰੇ।
ਮਿਤੀ: 30-05-2023
Public Notice
ਆਮ ਜਨਤਾ ਨੂੰ ਸੂਚਿਤ ਕੀਤਾ ਜਾਂਦਾ ਹੈ ਕਿ ਹਰਜੀਤ ਸਿੰਘ ਪੁੱਤਰ ਦਰਸ਼ਨ ਸਿੰਘ ਦੇ ਨਾਮ ਤੇ ਇੰਤਕਾਲ ਦਰਜ ਕੀਤਾ ਜਾਣਾ ਹੈ। ਇਤਰਾਜ਼ ਹੋਵੇ ਤਾਂ 15 ਦਿਨਾਂ ਵਿੱਚ ਪੇਸ਼ ਕਰੇ।
Public Notice
ਸੂਚਿਤ ਕੀਤਾ ਜਾਂਦਾ ਹੈ ਕਿ ਪਲਾਟ ਨੰਬਰ 4/14 ਦੇ ਅਸਲ ਕਾਗਜ਼ਾਤ ਗੁੰਮ ਹੋ ਗਏ ਹਨ। ਜੇਕਰ ਕਿਸੇ ਨੂੰ ਮਿਲਣ ਤਾਂ ਹੇਠ ਲਿਖੇ ਪਤੇ ਤੇ ਸੰਪਰਕ ਕਰੇ।
Public Notice
ਆਮ ਜਨਤਾ ਨੂੰ ਸੂਚਿਤ ਕੀਤਾ ਜਾਂਦਾ ਹੈ ਕਿ ਮਕਾਨ ਨੰ. 4/21 ਦੀ ਵਿਕਰੀ ਸਬੰਧੀ ਕੋਈ ਵੀ ਇਤਰਾਜ਼ 7 ਦਿਨਾਂ ਦੇ ਅੰਦਰ ਦਫ਼ਤਰ ਵਿਖੇ ਪੇਸ਼ ਕੀਤਾ ਜਾਵੇ।
Public Notice
ਪਲਾਟ ਨੰ. ਜੀ ਸੰਤੋਖ ਸਿੰਘ ਵਾਸੀ ਪਿੰਡ ਜਵਾਹਰ ਨਗਰ ਲੁਧਿਆਣਾ ਦੀ ਜਾਇਦਾਦ ਦੀ ਰਜਿਸਟਰੀ ਸਬੰਧੀ ਇਤਰਾਜ਼ ਮੰਗੇ ਜਾਂਦੇ ਹਨ।
ਮਿਤੀ 01-05-2023
ਇਸ਼ਤਿਹਾਰਾਂ ਸਬੰਧੀ ਜ਼ਰੂਰੀ ਬੇਨਤੀ
'ਅਦਾਰਾ ਰੋਜ਼ਾਨਾ ਪਹਿਰੇਦਾਰ' ਅਖ਼ਬਾਰ ਵਿੱਚ ਛਪਣ ਵਾਲੇ ਕਿਸੇ ਵੀ ਇਸ਼ਤਿਹਾਰ ਦੀ ਜ਼ਿੰਮੇਵਾਰੀ ਇਸ਼ਤਿਹਾਰ ਦੇਣ ਵਾਲੇ ਦੀ ਹੋਵੇਗੀ। ਪਾਠਕਾਂ ਨੂੰ ਬੇਨਤੀ ਹੈ ਕਿ ਇਸ਼ਤਿਹਾਰ ਬਾਰੇ ਕੋਈ ਵੀ ਲੈਣ-ਦੇਣ ਕਰਨ ਤੋਂ ਪਹਿਲਾਂ ਆਪਣੇ ਪੱਧਰ ਤੇ ਪੂਰੀ ਜਾਂਚ ਕਰ ਲੈਣ।
ਮੈਨੇਜਰ
ਇਸ਼ਤਿਹਾਰ ਅਤੇ ਕਲਾਸੀਫਾਈਡ ਕੇਵਲ ਅਦਾਰਾ 'ਪਹਿਰੇਦਾਰ' ਦੀ ਈ-ਮੇਲ rozanapehredaradvt@gmail.com 'ਤੇ ਹੀ ਭੇਜੇ ਜਾਣ।
